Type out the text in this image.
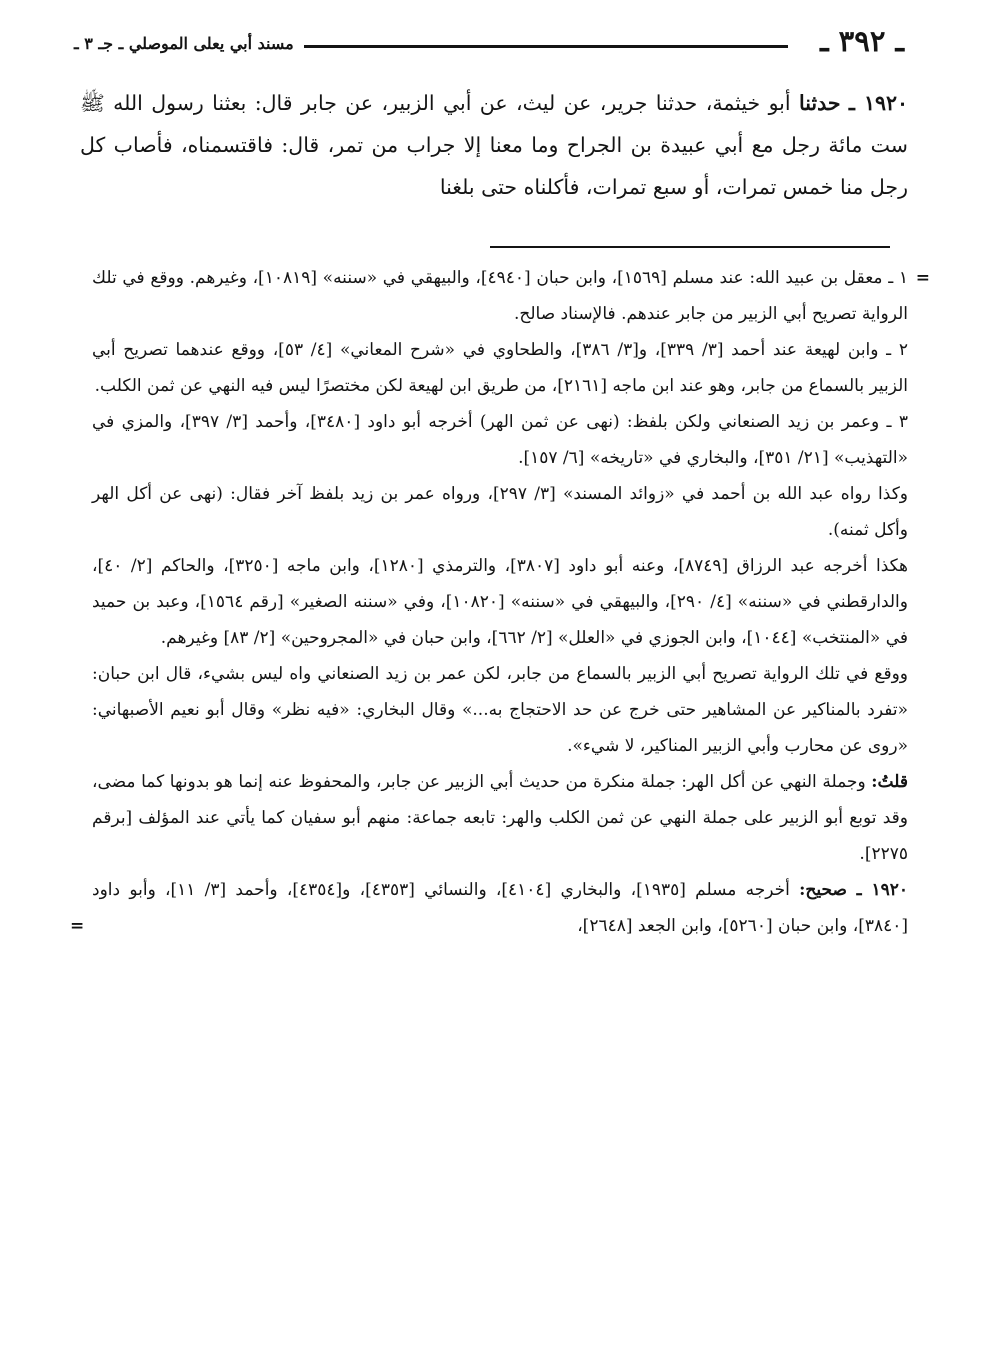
ـ ٣٩٢ ـ
مسند أبي يعلى الموصلي ـ جـ ٣ ـ

١٩٢٠ ـ حدثنا أبو خيثمة، حدثنا جرير، عن ليث، عن أبي الزبير، عن جابر قال: بعثنا رسول الله ﷺ ست مائة رجل مع أبي عبيدة بن الجراح وما معنا إلا جراب من تمر، قال: فاقتسمناه، فأصاب كل رجل منا خمس تمرات، أو سبع تمرات، فأكلناه حتى بلغنا

=
١ ـ معقل بن عبيد الله: عند مسلم [١٥٦٩]، وابن حبان [٤٩٤٠]، والبيهقي في «سننه» [١٠٨١٩]، وغيرهم. ووقع في تلك الرواية تصريح أبي الزبير من جابر عندهم. فالإسناد صالح.

٢ ـ وابن لهيعة عند أحمد [٣/ ٣٣٩]، و[٣/ ٣٨٦]، والطحاوي في «شرح المعاني» [٤/ ٥٣]، ووقع عندهما تصريح أبي الزبير بالسماع من جابر، وهو عند ابن ماجه [٢١٦١]، من طريق ابن لهيعة لكن مختصرًا ليس فيه النهي عن ثمن الكلب.

٣ ـ وعمر بن زيد الصنعاني ولكن بلفظ: (نهى عن ثمن الهر) أخرجه أبو داود [٣٤٨٠]، وأحمد [٣/ ٣٩٧]، والمزي في «التهذيب» [٢١/ ٣٥١]، والبخاري في «تاريخه» [٦/ ١٥٧].

وكذا رواه عبد الله بن أحمد في «زوائد المسند» [٣/ ٢٩٧]، ورواه عمر بن زيد بلفظ آخر فقال: (نهى عن أكل الهر وأكل ثمنه).

هكذا أخرجه عبد الرزاق [٨٧٤٩]، وعنه أبو داود [٣٨٠٧]، والترمذي [١٢٨٠]، وابن ماجه [٣٢٥٠]، والحاكم [٢/ ٤٠]، والدارقطني في «سننه» [٤/ ٢٩٠]، والبيهقي في «سننه» [١٠٨٢٠]، وفي «سننه الصغير» [رقم ١٥٦٤]، وعبد بن حميد في «المنتخب» [١٠٤٤]، وابن الجوزي في «العلل» [٢/ ٦٦٢]، وابن حبان في «المجروحين» [٢/ ٨٣] وغيرهم.

ووقع في تلك الرواية تصريح أبي الزبير بالسماع من جابر، لكن عمر بن زيد الصنعاني واه ليس بشيء، قال ابن حبان: «تفرد بالمناكير عن المشاهير حتى خرج عن حد الاحتجاج به...» وقال البخاري: «فيه نظر» وقال أبو نعيم الأصبهاني: «روى عن محارب وأبي الزبير المناكير، لا شيء».

قلتُ: وجملة النهي عن أكل الهر: جملة منكرة من حديث أبي الزبير عن جابر، والمحفوظ عنه إنما هو بدونها كما مضى، وقد توبع أبو الزبير على جملة النهي عن ثمن الكلب والهر: تابعه جماعة: منهم أبو سفيان كما يأتي عند المؤلف [برقم ٢٢٧٥].

١٩٢٠ ـ صحيح: أخرجه مسلم [١٩٣٥]، والبخاري [٤١٠٤]، والنسائي [٤٣٥٣]، و[٤٣٥٤]، وأحمد [٣/ ١١]، وأبو داود [٣٨٤٠]، وابن حبان [٥٢٦٠]، وابن الجعد [٢٦٤٨]،
=
